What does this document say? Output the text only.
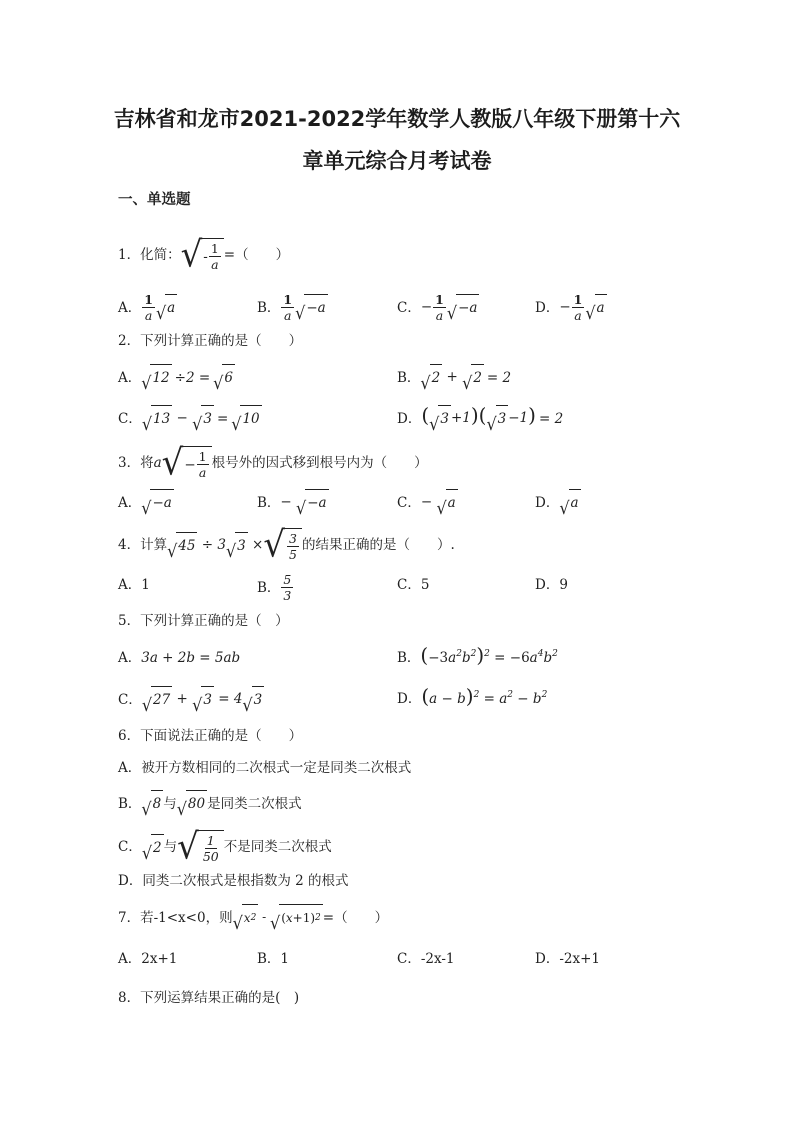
吉林省和龙市2021-2022学年数学人教版八年级下册第十六
章单元综合月考试卷
一、单选题
1．化简： √ - $\frac{1}{a}$ =（　　）
A． $\frac{1}{a}$ √ a	B． $\frac{1}{a}$ √ − a	C． − $\frac{1}{a}$ √ − a	D． − $\frac{1}{a}$ √ a
2．下列计算正确的是（　　）
A． √ 12 ÷2 = √ 6	B． √ 2 + √ 2 = 2
C． √ 13 − √ 3 = √ 10	D． ( √ 3 +1)( √ 3 −1) = 2
3．将 a √ − $\frac{1}{a}$ 根号外的因式移到根号内为（　　）
A． √ − a	B． − √ − a	C． − √ a	D． √ a
4．计算 √ 45 ÷ 3 √ 3 × √ $\frac{3}{5}$ 的结果正确的是（　　）.
A．1	B． $\frac{5}{3}$	C．5	D．9
5．下列计算正确的是（　）
A． 3a + 2b = 5ab	B． $(-3a^2b^2)^2 = -6a^4b^2$
C． √ 27 + √ 3 = 4 √ 3	D． $(a - b)^2 = a^2 - b^2$
6．下面说法正确的是（　　）
A．被开方数相同的二次根式一定是同类二次根式
B． √ 8 与 √ 80 是同类二次根式
C． √ 2 与 √ $\frac{1}{50}$ 不是同类二次根式
D．同类二次根式是根指数为 2 的根式
7．若-1<x<0，则 √ x 2 - √ ( x +1) 2 =（　　）
A．2x+1	B．1	C．-2x-1	D．-2x+1
8．下列运算结果正确的是(　)
